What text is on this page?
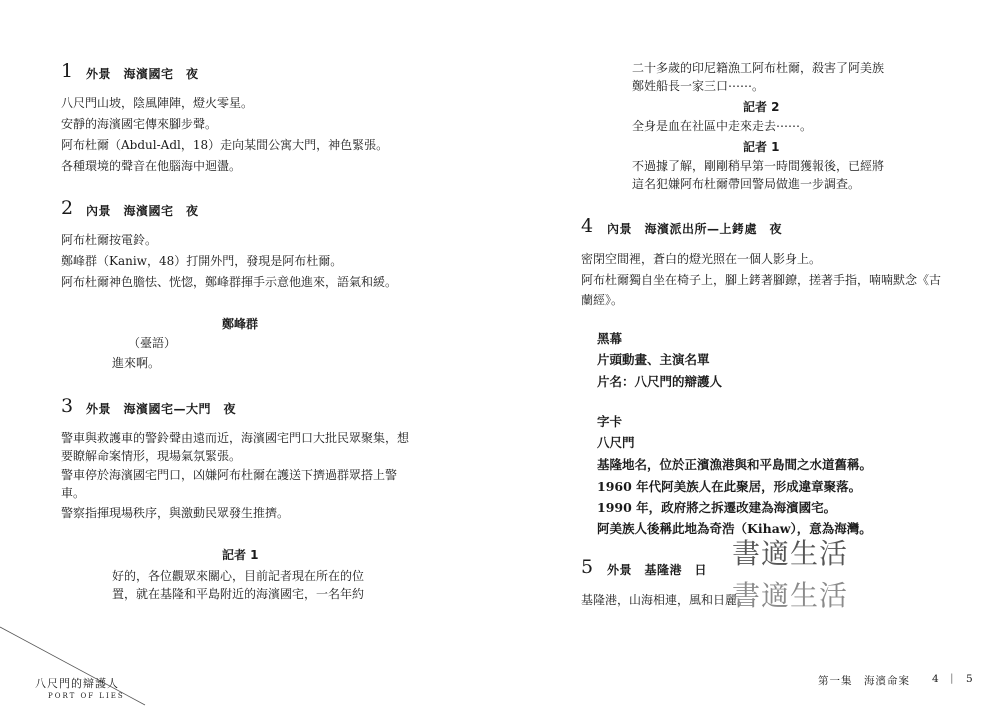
1 外景　海濱國宅　夜
八尺門山坡，陰風陣陣，燈火零星。
安靜的海濱國宅傳來腳步聲。
阿布杜爾（Abdul-Adl，18）走向某間公寓大門，神色緊張。
各種環境的聲音在他腦海中迴盪。
2 內景　海濱國宅　夜
阿布杜爾按電鈴。
鄭峰群（Kaniw，48）打開外門，發現是阿布杜爾。
阿布杜爾神色膽怯、恍惚，鄭峰群揮手示意他進來，語氣和緩。
鄭峰群
（臺語）
進來啊。
3 外景　海濱國宅—大門　夜
警車與救護車的警鈴聲由遠而近，海濱國宅門口大批民眾聚集，想
要瞭解命案情形，現場氣氛緊張。
警車停於海濱國宅門口，凶嫌阿布杜爾在護送下擠過群眾搭上警
車。
警察指揮現場秩序，與激動民眾發生推擠。
記者 1
好的，各位觀眾來關心，目前記者現在所在的位
置，就在基隆和平島附近的海濱國宅，一名年約
八尺門的辯護人
PORT OF LIES
二十多歲的印尼籍漁工阿布杜爾，殺害了阿美族
鄭姓船長一家三口⋯⋯。
記者 2
全身是血在社區中走來走去⋯⋯。
記者 1
不過據了解，剛剛稍早第一時間獲報後，已經將
這名犯嫌阿布杜爾帶回警局做進一步調查。
4 內景　海濱派出所—上銬處　夜
密閉空間裡，蒼白的燈光照在一個人影身上。
阿布杜爾獨自坐在椅子上，腳上銬著腳鐐，搓著手指，喃喃默念《古
蘭經》。
黑幕
片頭動畫、主演名單
片名：八尺門的辯護人
字卡
八尺門
基隆地名，位於正濱漁港與和平島間之水道舊稱。
1960 年代阿美族人在此聚居，形成違章聚落。
1990 年，政府將之拆遷改建為海濱國宅。
阿美族人後稱此地為奇浩（Kihaw），意為海灣。
5 外景　基隆港　日
基隆港，山海相連，風和日麗。
書適生活
書適生活
第一集　海濱命案 4 | 5
